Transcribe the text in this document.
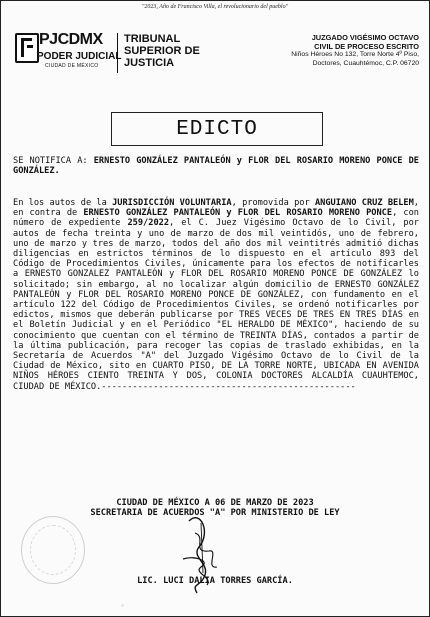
"2023, Año de Francisco Villa, el revolucionario del pueblo"
PJCDMX
PODER JUDICIAL
CIUDAD DE MÉXICO
TRIBUNAL
SUPERIOR DE
JUSTICIA
JUZGADO VIGÉSIMO OCTAVO
CIVIL DE PROCESO ESCRITO
Niños Héroes No 132, Torre Norte 4º Piso,
Doctores, Cuauhtémoc, C.P. 06720
EDICTO

SE NOTIFICA A: ERNESTO GONZÁLEZ PANTALEÓN y FLOR DEL ROSARIO MORENO PONCE DE GONZÁLEZ.

En los autos de la JURISDICCIÓN VOLUNTARIA, promovida por ANGUIANO CRUZ BELEM, en contra de ERNESTO GONZÁLEZ PANTALEÓN y FLOR DEL ROSARIO MORENO PONCE, con número de expediente 259/2022, el C. Juez Vigésimo Octavo de lo Civil, por autos de fecha treinta y uno de marzo de dos mil veintidós, uno de febrero, uno de marzo y tres de marzo, todos del año dos mil veintitrés admitió dichas diligencias en estrictos términos de lo dispuesto en el artículo 893 del Código de Procedimientos Civiles, únicamente para los efectos de notificarles a ERNESTO GONZALEZ PANTALEÓN y FLOR DEL ROSARIO MORENO PONCE DE GONZÁLEZ lo solicitado; sin embargo, al no localizar algún domicilio de ERNESTO GONZÁLEZ PANTALEÓN y FLOR DEL ROSARIO MORENO PONCE DE GONZÁLEZ, con fundamento en el artículo 122 del Código de Procedimientos Civiles, se ordenó notificarles por edictos, mismos que deberán publicarse por TRES VECES DE TRES EN TRES DÍAS en el Boletín Judicial y en el Periódico "EL HERALDO DE MÉXICO", haciendo de su conocimiento que cuentan con el término de TREINTA DÍAS, contados a partir de la última publicación, para recoger las copias de traslado exhibidas, en la Secretaría de Acuerdos "A" del Juzgado Vigésimo Octavo de lo Civil de la Ciudad de México, sito en CUARTO PISO, DE LA TORRE NORTE, UBICADA EN AVENIDA NIÑOS HÉROES CIENTO TREINTA Y DOS, COLONIA DOCTORES ALCALDÍA CUAUHTEMOC, CIUDAD DE MÉXICO.-------------------------------------------------

CIUDAD DE MÉXICO A 06 DE MARZO DE 2023
SECRETARIA DE ACUERDOS "A" POR MINISTERIO DE LEY
LIC. LUCI DALIA TORRES GARCÍA.
○
